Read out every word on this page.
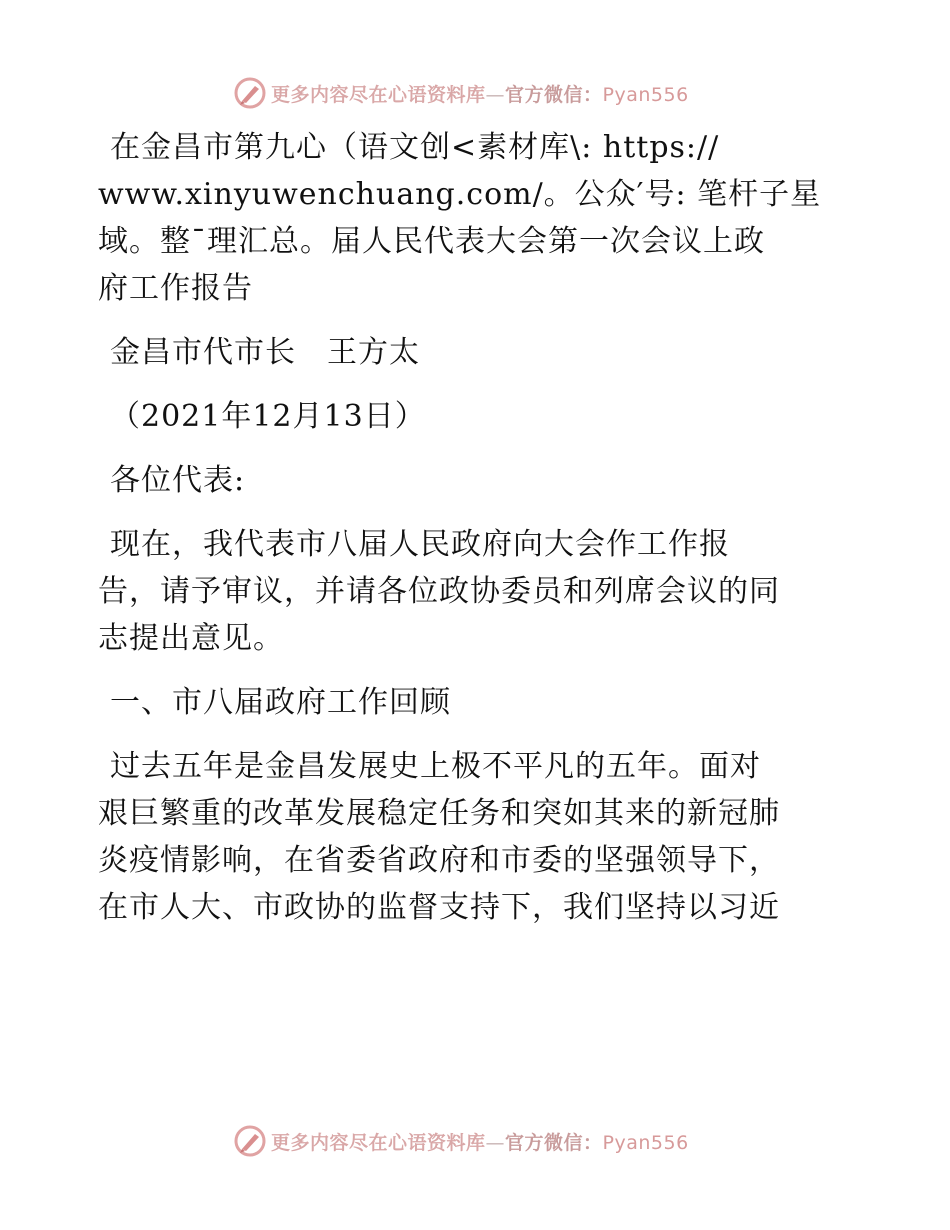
更多内容尽在心语资料库—官方微信：Pyan556

在金昌市第九心（语文创<素材库\: https://
www.xinyuwenchuang.com/。公众′号: 笔杆子星
域。整¯理汇总。届人民代表大会第一次会议上政
府工作报告

金昌市代市长　王方太

（2021年12月13日）

各位代表:

现在，我代表市八届人民政府向大会作工作报
告，请予审议，并请各位政协委员和列席会议的同
志提出意见。

一、市八届政府工作回顾

过去五年是金昌发展史上极不平凡的五年。面对
艰巨繁重的改革发展稳定任务和突如其来的新冠肺
炎疫情影响，在省委省政府和市委的坚强领导下，
在市人大、市政协的监督支持下，我们坚持以习近

更多内容尽在心语资料库—官方微信：Pyan556
